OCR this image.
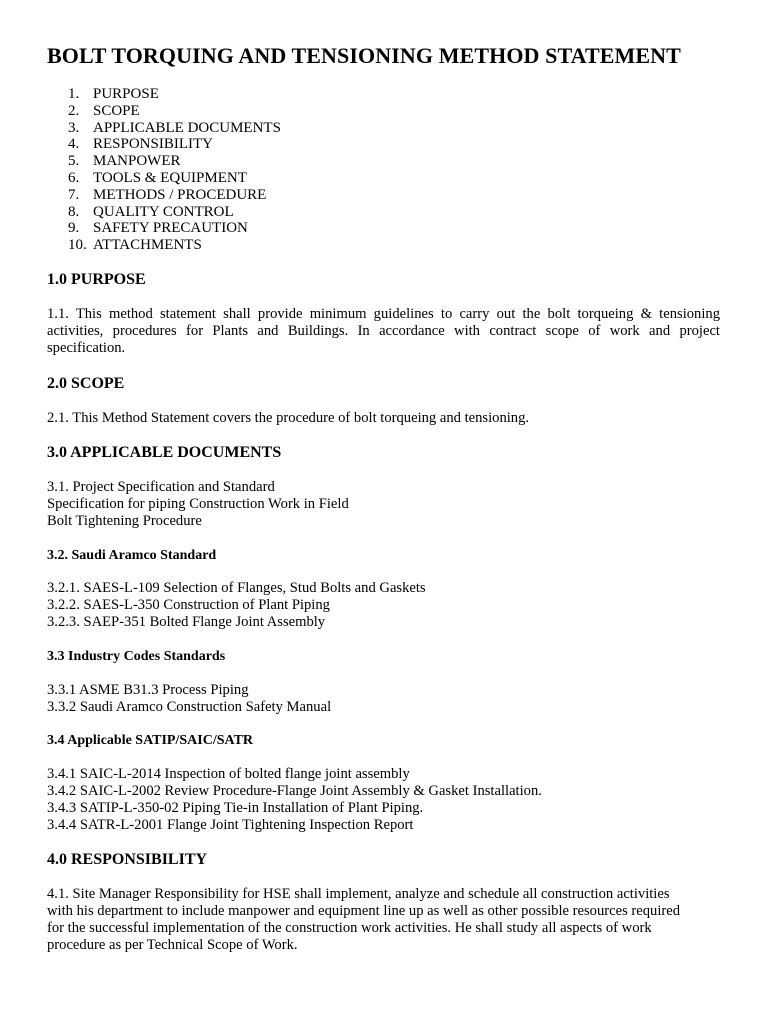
BOLT TORQUING AND TENSIONING METHOD STATEMENT
1. PURPOSE
2. SCOPE
3. APPLICABLE DOCUMENTS
4. RESPONSIBILITY
5. MANPOWER
6. TOOLS & EQUIPMENT
7. METHODS / PROCEDURE
8. QUALITY CONTROL
9. SAFETY PRECAUTION
10. ATTACHMENTS
1.0 PURPOSE
1.1. This method statement shall provide minimum guidelines to carry out the bolt torqueing & tensioning activities, procedures for Plants and Buildings. In accordance with contract scope of work and project specification.
2.0 SCOPE
2.1. This Method Statement covers the procedure of bolt torqueing and tensioning.
3.0 APPLICABLE DOCUMENTS
3.1. Project Specification and Standard
Specification for piping Construction Work in Field
Bolt Tightening Procedure
3.2. Saudi Aramco Standard
3.2.1. SAES-L-109 Selection of Flanges, Stud Bolts and Gaskets
3.2.2. SAES-L-350 Construction of Plant Piping
3.2.3. SAEP-351 Bolted Flange Joint Assembly
3.3 Industry Codes Standards
3.3.1 ASME B31.3 Process Piping
3.3.2 Saudi Aramco Construction Safety Manual
3.4 Applicable SATIP/SAIC/SATR
3.4.1 SAIC-L-2014 Inspection of bolted flange joint assembly
3.4.2 SAIC-L-2002 Review Procedure-Flange Joint Assembly & Gasket Installation.
3.4.3 SATIP-L-350-02 Piping Tie-in Installation of Plant Piping.
3.4.4 SATR-L-2001 Flange Joint Tightening Inspection Report
4.0 RESPONSIBILITY
4.1. Site Manager Responsibility for HSE shall implement, analyze and schedule all construction activities
with his department to include manpower and equipment line up as well as other possible resources required
for the successful implementation of the construction work activities. He shall study all aspects of work
procedure as per Technical Scope of Work.
